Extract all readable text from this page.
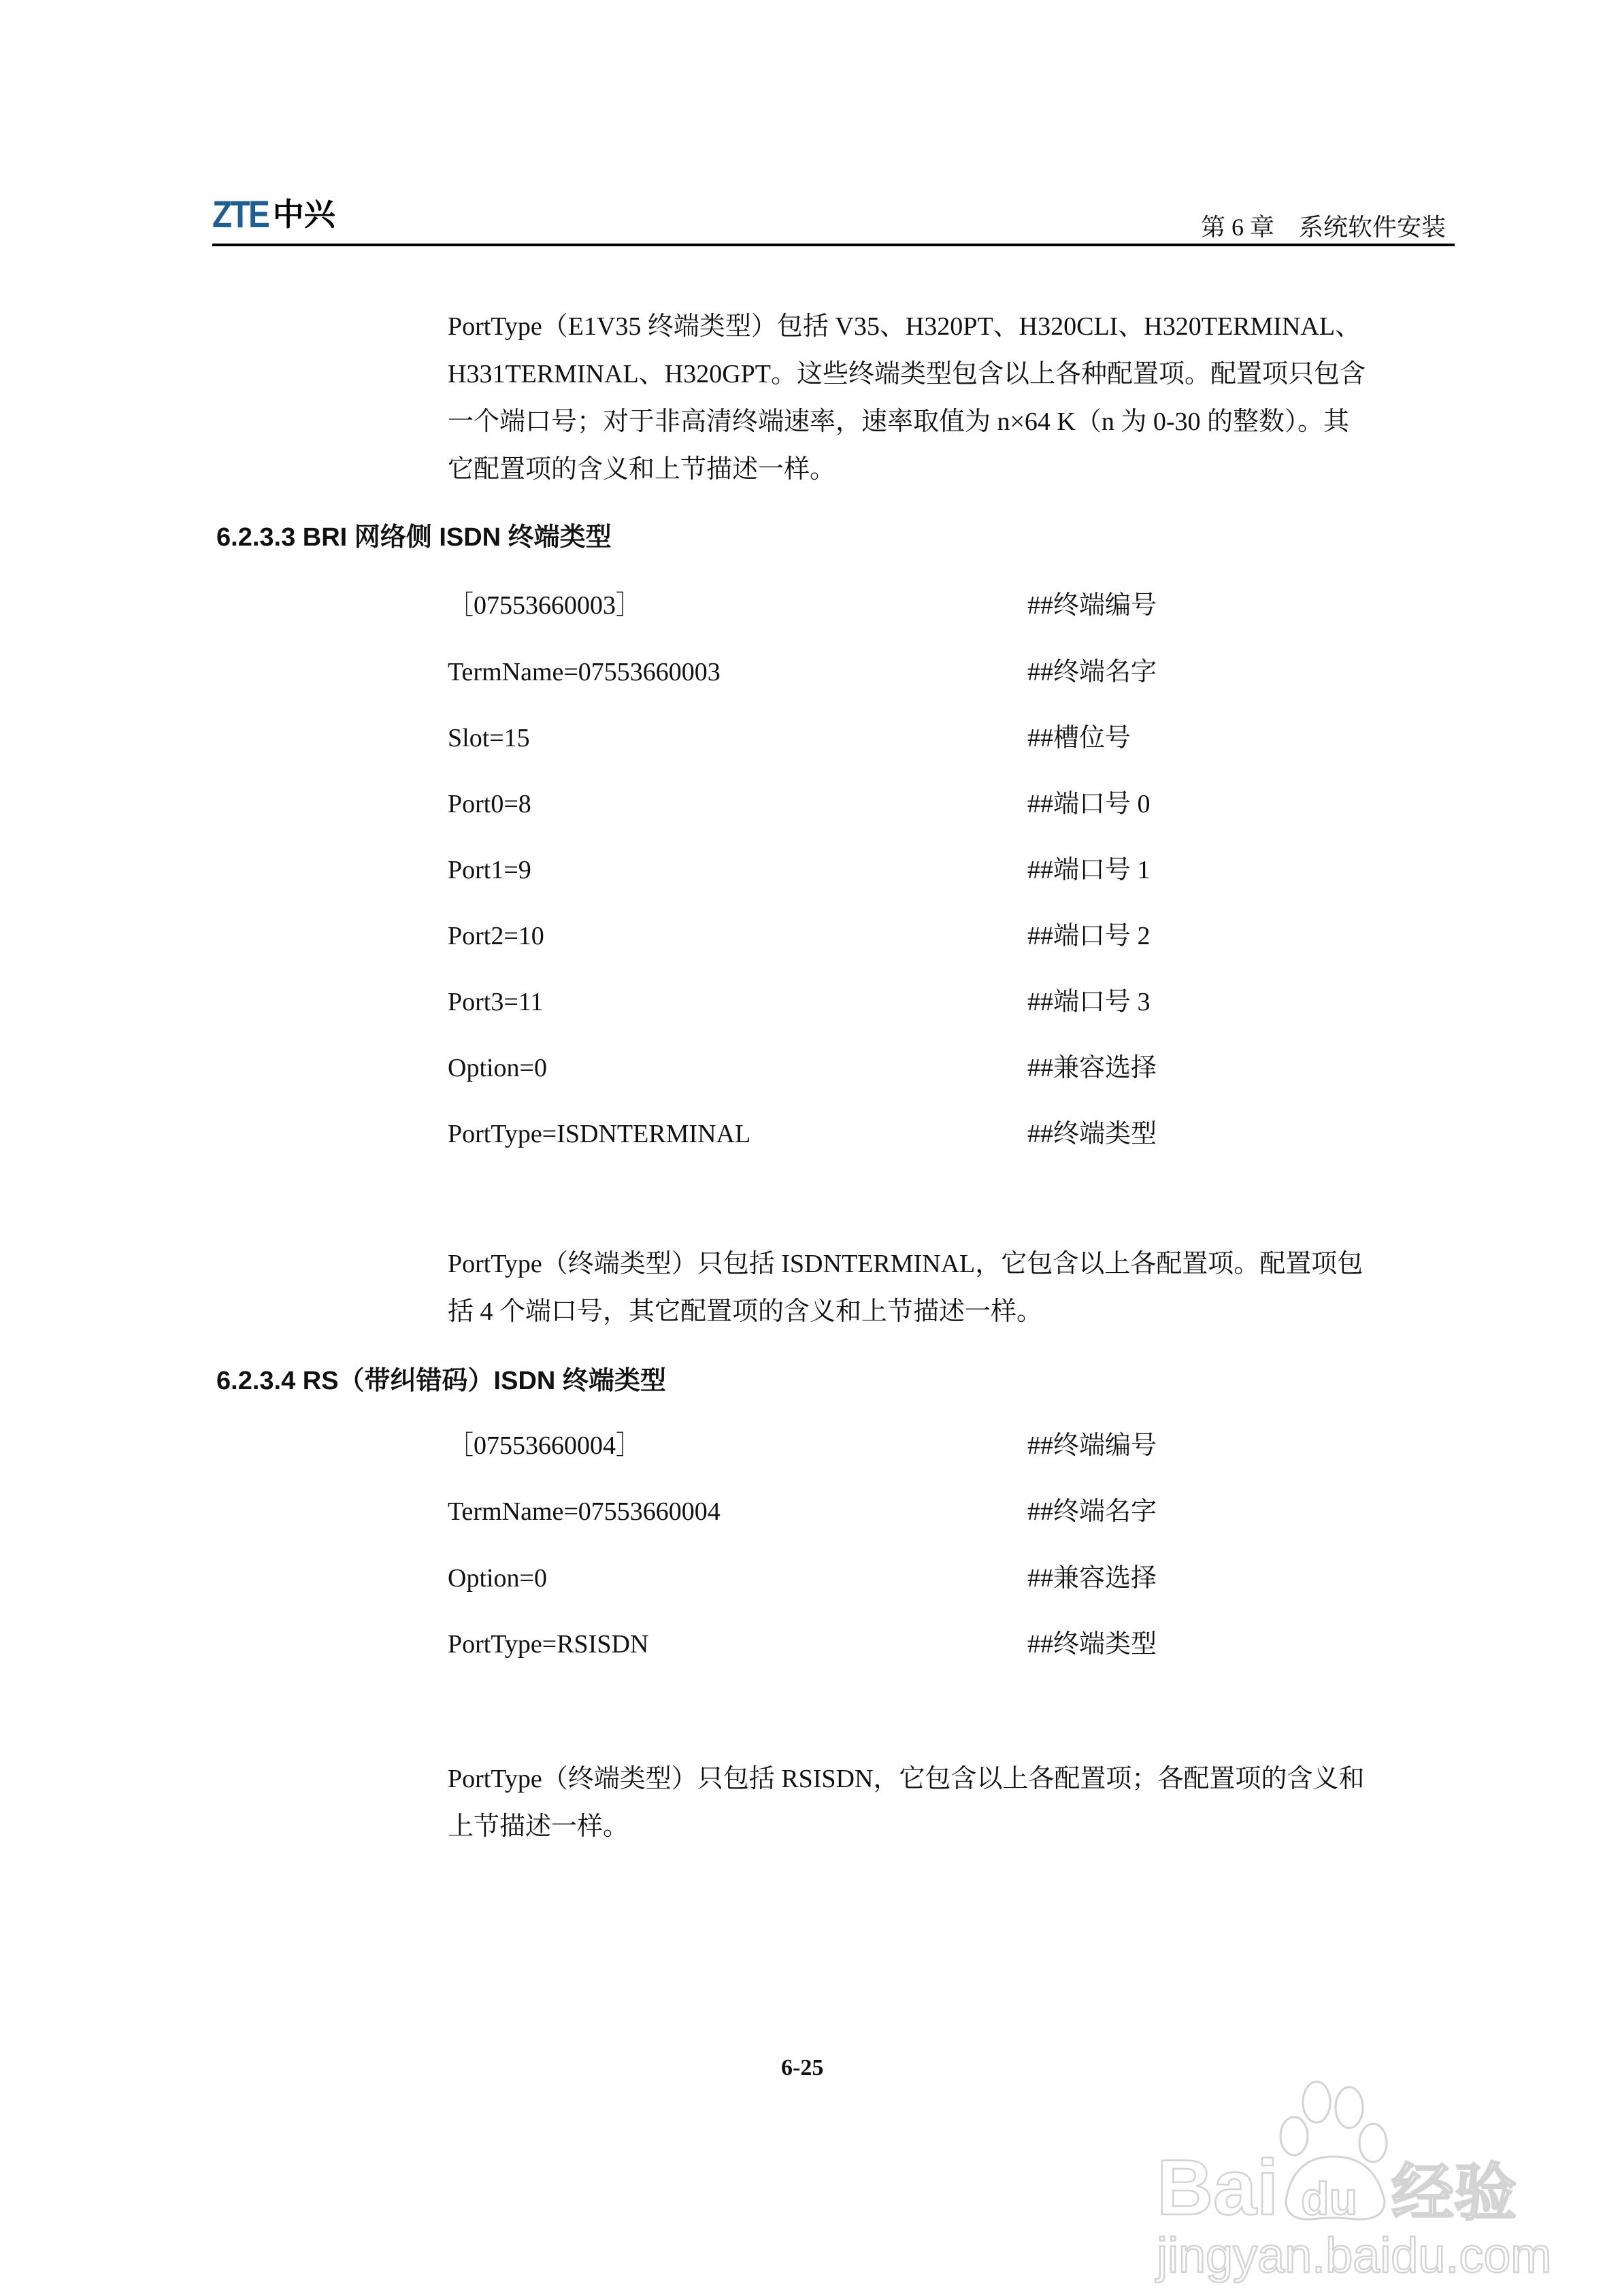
ZTE 中兴	第 6 章    系统软件安装
PortType（E1V35 终端类型）包括 V35、H320PT、H320CLI、H320TERMINAL、
H331TERMINAL、H320GPT。这些终端类型包含以上各种配置项。配置项只包含
一个端口号；对于非高清终端速率，速率取值为 n×64 K（n 为 0-30 的整数）。其
它配置项的含义和上节描述一样。
6.2.3.3 BRI 网络侧 ISDN 终端类型
［07553660003］	##终端编号
TermName=07553660003	##终端名字
Slot=15	##槽位号
Port0=8	##端口号 0
Port1=9	##端口号 1
Port2=10	##端口号 2
Port3=11	##端口号 3
Option=0	##兼容选择
PortType=ISDNTERMINAL	##终端类型
PortType（终端类型）只包括 ISDNTERMINAL，它包含以上各配置项。配置项包
括 4 个端口号，其它配置项的含义和上节描述一样。
6.2.3.4 RS（带纠错码）ISDN 终端类型
［07553660004］	##终端编号
TermName=07553660004	##终端名字
Option=0	##兼容选择
PortType=RSISDN	##终端类型
PortType（终端类型）只包括 RSISDN，它包含以上各配置项；各配置项的含义和
上节描述一样。
6-25
Bai du 经验
jingyan.baidu.com
